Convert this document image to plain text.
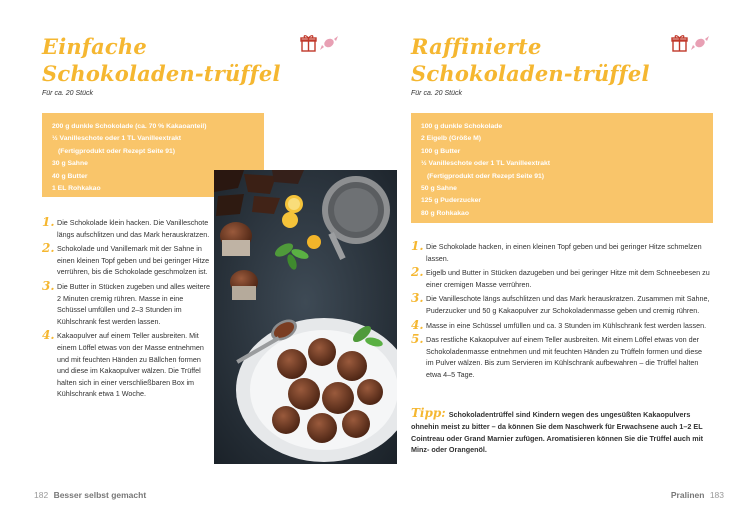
Einfache Schokoladen-trüffel
Für ca. 20 Stück
200 g dunkle Schokolade (ca. 70 % Kakaoanteil)
½ Vanilleschote oder 1 TL Vanilleextrakt
(Fertigprodukt oder Rezept Seite 91)
30 g Sahne
40 g Butter
1 EL Rohkakao
1. Die Schokolade klein hacken. Die Vanilleschote längs aufschlitzen und das Mark herauskratzen.
2. Schokolade und Vanillemark mit der Sahne in einen kleinen Topf geben und bei geringer Hitze verrühren, bis die Schokolade geschmolzen ist.
3. Die Butter in Stücken zugeben und alles weitere 2 Minuten cremig rühren. Masse in eine Schüssel umfüllen und 2–3 Stunden im Kühlschrank fest werden lassen.
4. Kakaopulver auf einem Teller ausbreiten. Mit einem Löffel etwas von der Masse entnehmen und mit feuchten Händen zu Bällchen formen und diese im Kakaopulver wälzen. Die Trüffel halten sich in einer verschließbaren Box im Kühlschrank etwa 1 Woche.
182 Besser selbst gemacht
Raffinierte Schokoladen-trüffel
Für ca. 20 Stück
100 g dunkle Schokolade
2 Eigelb (Größe M)
100 g Butter
½ Vanilleschote oder 1 TL Vanilleextrakt
(Fertigprodukt oder Rezept Seite 91)
50 g Sahne
125 g Puderzucker
80 g Rohkakao
1. Die Schokolade hacken, in einen kleinen Topf geben und bei geringer Hitze schmelzen lassen.
2. Eigelb und Butter in Stücken dazugeben und bei geringer Hitze mit dem Schneebesen zu einer cremigen Masse verrühren.
3. Die Vanilleschote längs aufschlitzen und das Mark herauskratzen. Zusammen mit Sahne, Puderzucker und 50 g Kakaopulver zur Schokoladenmasse geben und cremig rühren.
4. Masse in eine Schüssel umfüllen und ca. 3 Stunden im Kühlschrank fest werden lassen.
5. Das restliche Kakaopulver auf einem Teller ausbreiten. Mit einem Löffel etwas von der Schokoladenmasse entnehmen und mit feuchten Händen zu Trüffeln formen und diese im Pulver wälzen. Bis zum Servieren im Kühlschrank aufbewahren – die Trüffel halten etwa 4–5 Tage.
Tipp: Schokoladentrüffel sind Kindern wegen des ungesüßten Kakaopulvers ohnehin meist zu bitter – da können Sie dem Naschwerk für Erwachsene auch 1–2 EL Cointreau oder Grand Marnier zufügen. Aromatisieren können Sie die Trüffel auch mit Minz- oder Orangenöl.
Pralinen 183
